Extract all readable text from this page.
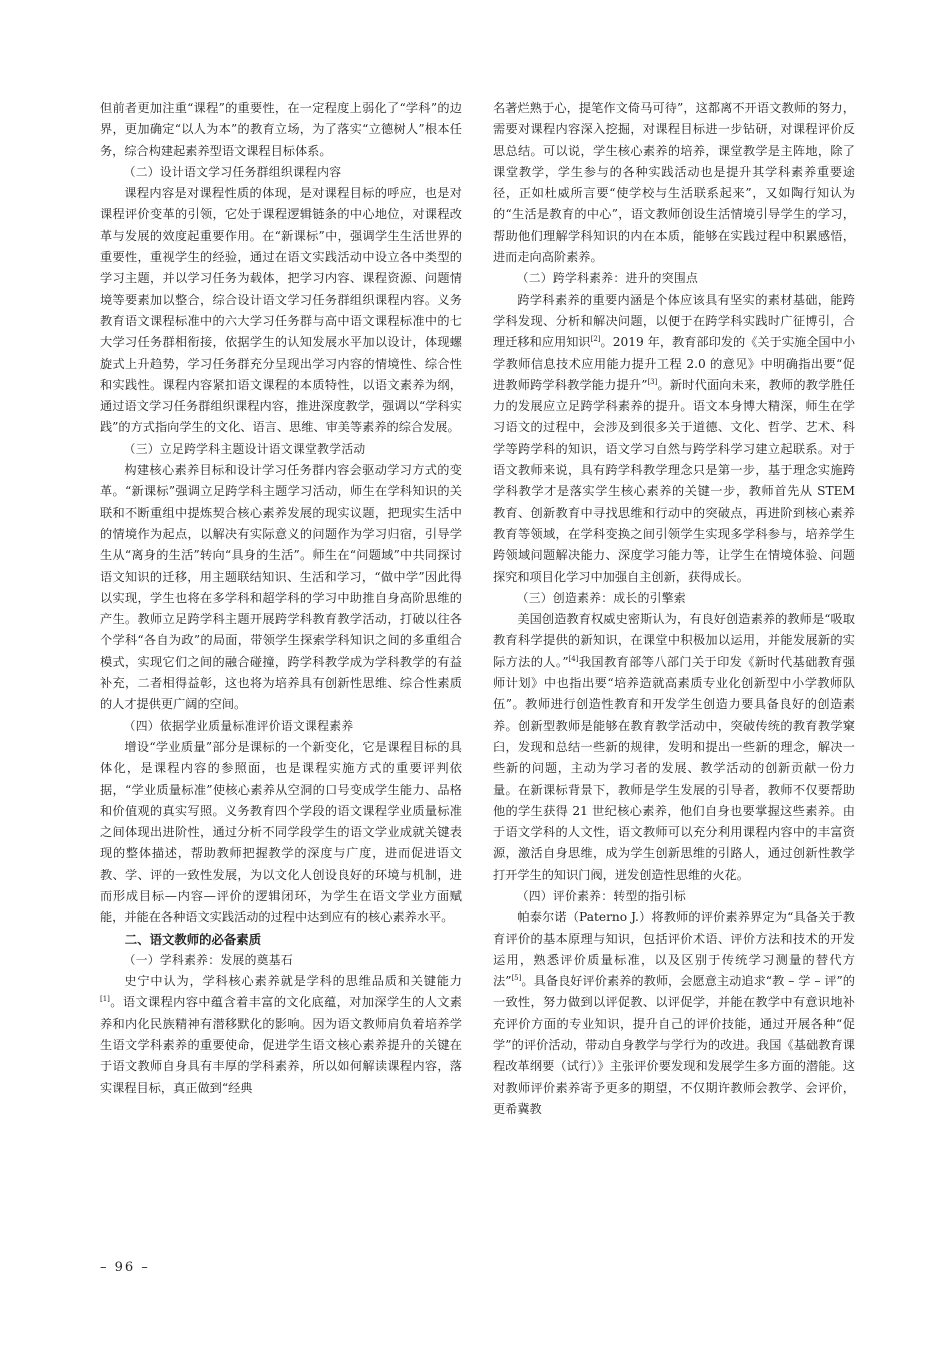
但前者更加注重“课程”的重要性，在一定程度上弱化了“学科”的边界，更加确定“以人为本”的教育立场，为了落实“立德树人”根本任务，综合构建起素养型语文课程目标体系。

（二）设计语文学习任务群组织课程内容

课程内容是对课程性质的体现，是对课程目标的呼应，也是对课程评价变革的引领，它处于课程逻辑链条的中心地位，对课程改革与发展的效度起重要作用。在“新课标”中，强调学生生活世界的重要性，重视学生的经验，通过在语文实践活动中设立各中类型的学习主题，并以学习任务为载体，把学习内容、课程资源、问题情境等要素加以整合，综合设计语文学习任务群组织课程内容。义务教育语文课程标准中的六大学习任务群与高中语文课程标准中的七大学习任务群相衔接，依据学生的认知发展水平加以设计，体现螺旋式上升趋势，学习任务群充分呈现出学习内容的情境性、综合性和实践性。课程内容紧扣语文课程的本质特性，以语文素养为纲，通过语文学习任务群组织课程内容，推进深度教学，强调以“学科实践”的方式指向学生的文化、语言、思维、审美等素养的综合发展。

（三）立足跨学科主题设计语文课堂教学活动

构建核心素养目标和设计学习任务群内容会驱动学习方式的变革。“新课标”强调立足跨学科主题学习活动，师生在学科知识的关联和不断重组中提炼契合核心素养发展的现实议题，把现实生活中的情境作为起点，以解决有实际意义的问题作为学习归宿，引导学生从“离身的生活”转向“具身的生活”。师生在“问题域”中共同探讨语文知识的迁移，用主题联结知识、生活和学习，“做中学”因此得以实现，学生也将在多学科和超学科的学习中助推自身高阶思维的产生。教师立足跨学科主题开展跨学科教育教学活动，打破以往各个学科“各自为政”的局面，带领学生探索学科知识之间的多重组合模式，实现它们之间的融合碰撞，跨学科教学成为学科教学的有益补充，二者相得益彰，这也将为培养具有创新性思维、综合性素质的人才提供更广阔的空间。

（四）依据学业质量标准评价语文课程素养

增设“学业质量”部分是课标的一个新变化，它是课程目标的具体化，是课程内容的参照面，也是课程实施方式的重要评判依据，“学业质量标准”使核心素养从空洞的口号变成学生能力、品格和价值观的真实写照。义务教育四个学段的语文课程学业质量标准之间体现出进阶性，通过分析不同学段学生的语文学业成就关键表现的整体描述，帮助教师把握教学的深度与广度，进而促进语文教、学、评的一致性发展，为以文化人创设良好的环境与机制，进而形成目标—内容—评价的逻辑闭环，为学生在语文学业方面赋能，并能在各种语文实践活动的过程中达到应有的核心素养水平。

二、语文教师的必备素质

（一）学科素养：发展的奠基石

史宁中认为，学科核心素养就是学科的思维品质和关键能力[1]。语文课程内容中蕴含着丰富的文化底蕴，对加深学生的人文素养和内化民族精神有潜移默化的影响。因为语文教师肩负着培养学生语文学科素养的重要使命，促进学生语文核心素养提升的关键在于语文教师自身具有丰厚的学科素养，所以如何解读课程内容，落实课程目标，真正做到“经典

名著烂熟于心，提笔作文倚马可待”，这都离不开语文教师的努力，需要对课程内容深入挖掘，对课程目标进一步钻研，对课程评价反思总结。可以说，学生核心素养的培养，课堂教学是主阵地，除了课堂教学，学生参与的各种实践活动也是提升其学科素养重要途径，正如杜威所言要“使学校与生活联系起来”，又如陶行知认为的“生活是教育的中心”，语文教师创设生活情境引导学生的学习，帮助他们理解学科知识的内在本质，能够在实践过程中积累感悟，进而走向高阶素养。

（二）跨学科素养：进升的突围点

跨学科素养的重要内涵是个体应该具有坚实的素材基础，能跨学科发现、分析和解决问题，以便于在跨学科实践时广征博引，合理迁移和应用知识[2]。2019 年，教育部印发的《关于实施全国中小学教师信息技术应用能力提升工程 2.0 的意见》中明确指出要“促进教师跨学科教学能力提升”[3]。新时代面向未来，教师的教学胜任力的发展应立足跨学科素养的提升。语文本身博大精深，师生在学习语文的过程中，会涉及到很多关于道德、文化、哲学、艺术、科学等跨学科的知识，语文学习自然与跨学科学习建立起联系。对于语文教师来说，具有跨学科教学理念只是第一步，基于理念实施跨学科教学才是落实学生核心素养的关键一步，教师首先从 STEM 教育、创新教育中寻找思维和行动中的突破点，再进阶到核心素养教育等领域，在学科变换之间引领学生实现多学科参与，培养学生跨领域问题解决能力、深度学习能力等，让学生在情境体验、问题探究和项目化学习中加强自主创新，获得成长。

（三）创造素养：成长的引擎索

美国创造教育权威史密斯认为，有良好创造素养的教师是“吸取教育科学提供的新知识，在课堂中积极加以运用，并能发展新的实际方法的人。”[4]我国教育部等八部门关于印发《新时代基础教育强师计划》中也指出要“培养造就高素质专业化创新型中小学教师队伍”。教师进行创造性教育和开发学生创造力要具备良好的创造素养。创新型教师是能够在教育教学活动中，突破传统的教育教学窠臼，发现和总结一些新的规律，发明和提出一些新的理念，解决一些新的问题，主动为学习者的发展、教学活动的创新贡献一份力量。在新课标背景下，教师是学生发展的引导者，教师不仅要帮助他的学生获得 21 世纪核心素养，他们自身也要掌握这些素养。由于语文学科的人文性，语文教师可以充分利用课程内容中的丰富资源，激活自身思维，成为学生创新思维的引路人，通过创新性教学打开学生的知识门阀，迸发创造性思维的火花。

（四）评价素养：转型的指引标

帕泰尔诺（Paterno J.）将教师的评价素养界定为“具备关于教育评价的基本原理与知识，包括评价术语、评价方法和技术的开发运用，熟悉评价质量标准，以及区别于传统学习测量的替代方法”[5]。具备良好评价素养的教师，会愿意主动追求“教 – 学 – 评”的一致性，努力做到以评促教、以评促学，并能在教学中有意识地补充评价方面的专业知识，提升自己的评价技能，通过开展各种“促学”的评价活动，带动自身教学与学行为的改进。我国《基础教育课程改革纲要（试行）》主张评价要发现和发展学生多方面的潜能。这对教师评价素养寄予更多的期望，不仅期许教师会教学、会评价，更希冀教

– 96 –
